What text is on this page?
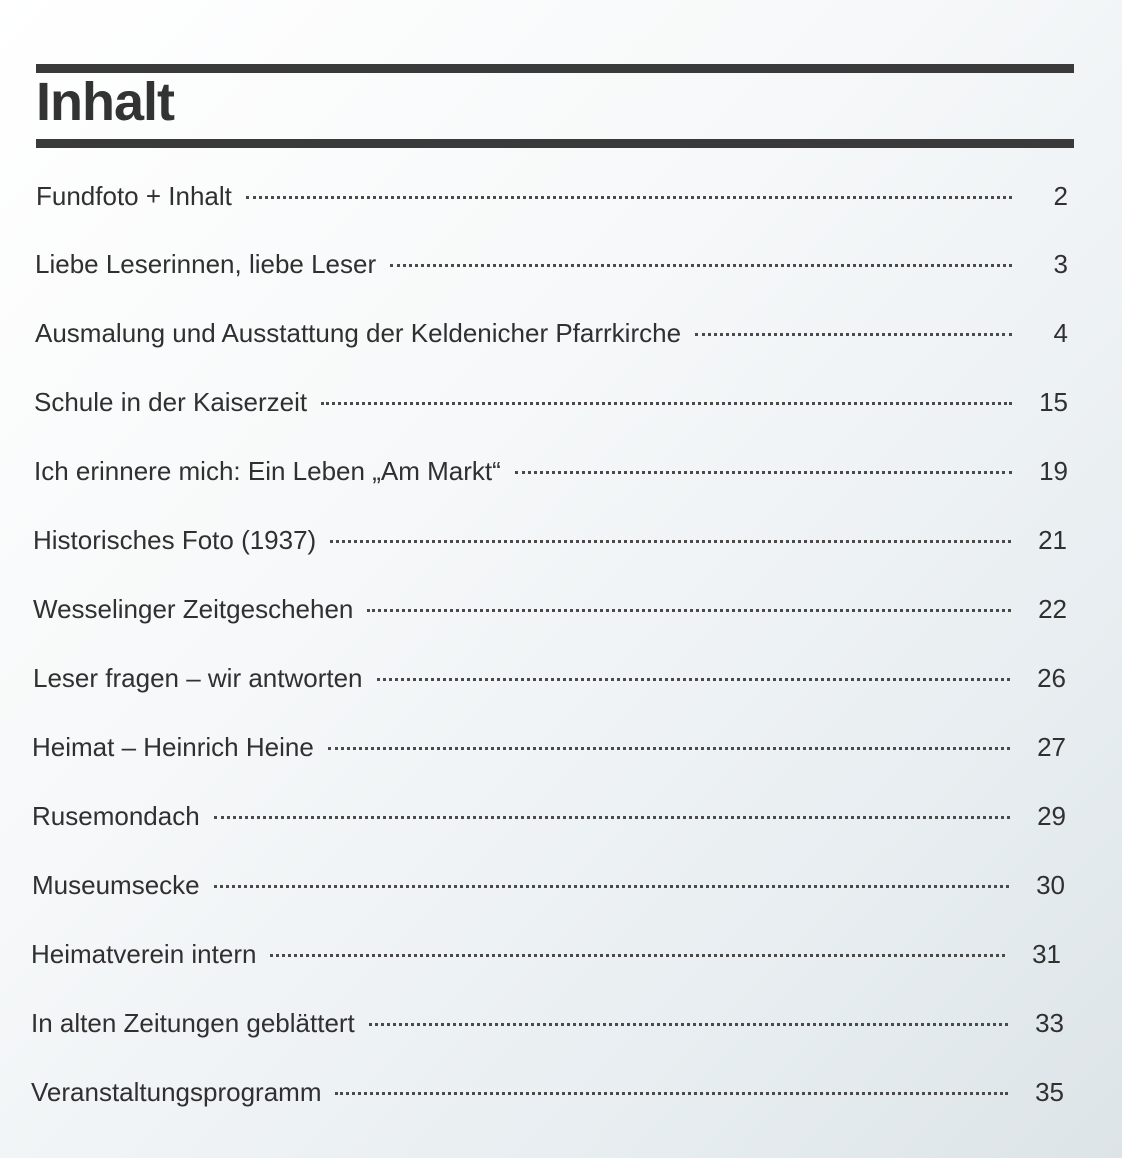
Inhalt
Fundfoto + Inhalt	2
Liebe Leserinnen, liebe Leser	3
Ausmalung und Ausstattung der Keldenicher Pfarrkirche	4
Schule in der Kaiserzeit	15
Ich erinnere mich: Ein Leben „Am Markt“	19
Historisches Foto (1937)	21
Wesselinger Zeitgeschehen	22
Leser fragen – wir antworten	26
Heimat – Heinrich Heine	27
Rusemondach	29
Museumsecke	30
Heimatverein intern	31
In alten Zeitungen geblättert	33
Veranstaltungsprogramm	35
